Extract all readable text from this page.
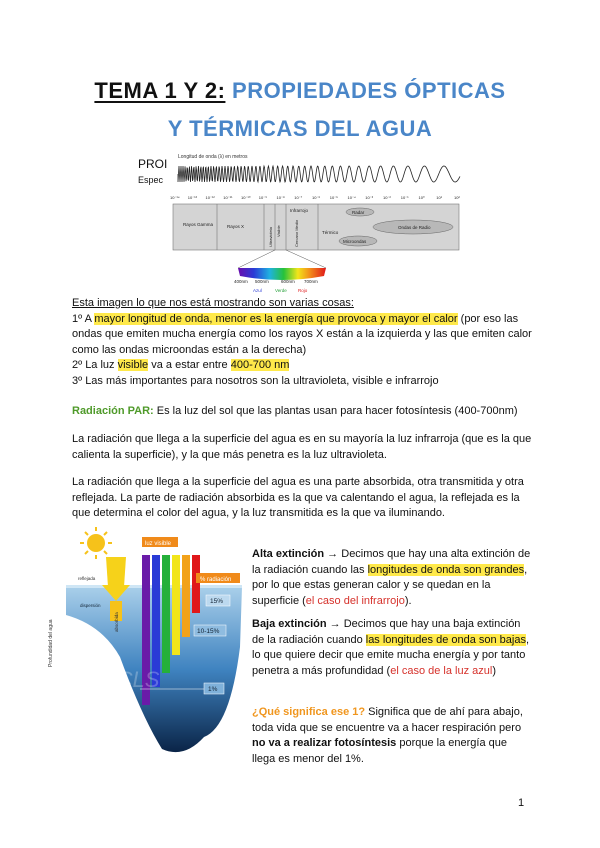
TEMA 1 Y 2: PROPIEDADES ÓPTICAS
Y TÉRMICAS DEL AGUA
PROI
Espec
Longitud de onda (λ) en metros
10⁻¹⁴ 10⁻¹³ 10⁻¹² 10⁻¹¹ 10⁻¹⁰ 10⁻⁹ 10⁻⁸ 10⁻⁷ 10⁻⁶ 10⁻⁵ 10⁻⁴ 10⁻³ 10⁻² 10⁻¹ 10⁰	10¹	10²
Rayos Gamma	Rayos X
Ultravioleta Visible	Cercano Medio
Infrarrojo
Térmico
Radar
Ondas de Radio
Microondas
400nm 500nm	600nm 700nm
Azul	Verde Rojo
Esta imagen lo que nos está mostrando son varias cosas:
1º A mayor longitud de onda, menor es la energía que provoca y mayor el calor (por eso las ondas que emiten mucha energía como los rayos X están a la izquierda y las que emiten calor como las ondas microondas están a la derecha)
2º La luz visible va a estar entre 400-700 nm
3º Las más importantes para nosotros son la ultravioleta, visible e infrarrojo
Radiación PAR: Es la luz del sol que las plantas usan para hacer fotosíntesis (400-700nm)
La radiación que llega a la superficie del agua es en su mayoría la luz infrarroja (que es la que calienta la superficie), y la que más penetra es la luz ultravioleta.
La radiación que llega a la superficie del agua es una parte absorbida, otra transmitida y otra reflejada. La parte de radiación absorbida es la que va calentando el agua, la reflejada es la que determina el color del agua, y la luz transmitida es la que va iluminando.
Profundidad del agua
luz visible
% radiación
15%
10-15%
1%
reflejada
dispersión
absorbida
ACLS
Alta extinción → Decimos que hay una alta extinción de la radiación cuando las longitudes de onda son grandes, por lo que estas generan calor y se quedan en la superficie (el caso del infrarrojo).
Baja extinción → Decimos que hay una baja extinción de la radiación cuando las longitudes de onda son bajas, lo que quiere decir que emite mucha energía y por tanto penetra a más profundidad (el caso de la luz azul)
¿Qué significa ese 1? Significa que de ahí para abajo, toda vida que se encuentre va a hacer respiración pero no va a realizar fotosíntesis porque la energía que llega es menor del 1%.
1
